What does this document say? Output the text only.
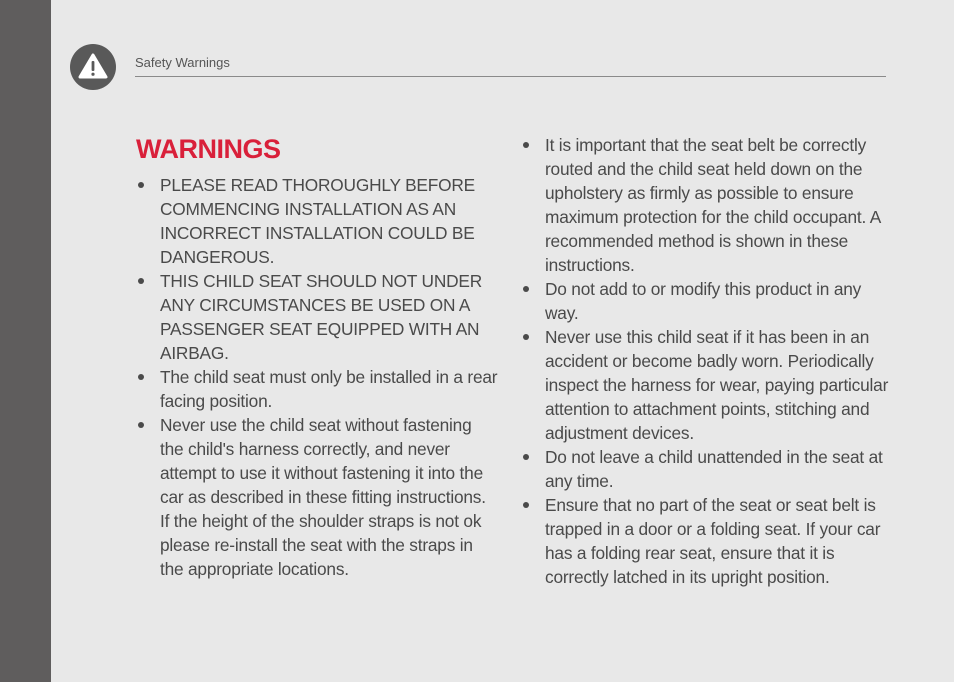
Safety Warnings
WARNINGS
PLEASE READ THOROUGHLY BEFORE COMMENCING INSTALLATION AS AN INCORRECT INSTALLATION COULD BE DANGEROUS.
THIS CHILD SEAT SHOULD NOT UNDER ANY CIRCUMSTANCES BE USED ON A PASSENGER SEAT EQUIPPED WITH AN AIRBAG.
The child seat must only be installed in a rear facing position.
Never use the child seat without fastening the child's harness correctly, and never attempt to use it without fastening it into the car as described in these fitting instructions. If the height of the shoulder straps is not ok please re-install the seat with the straps in the appropriate locations.
It is important that the seat belt be correctly routed and the child seat held down on the upholstery as firmly as possible to ensure maximum protection for the child occupant. A recommended method is shown in these instructions.
Do not add to or modify this product in any way.
Never use this child seat if it has been in an accident or become badly worn. Periodically inspect the harness for wear, paying particular attention to attachment points, stitching and adjustment devices.
Do not leave a child unattended in the seat at any time.
Ensure that no part of the seat or seat belt is trapped in a door or a folding seat. If your car has a folding rear seat, ensure that it is correctly latched in its upright position.
